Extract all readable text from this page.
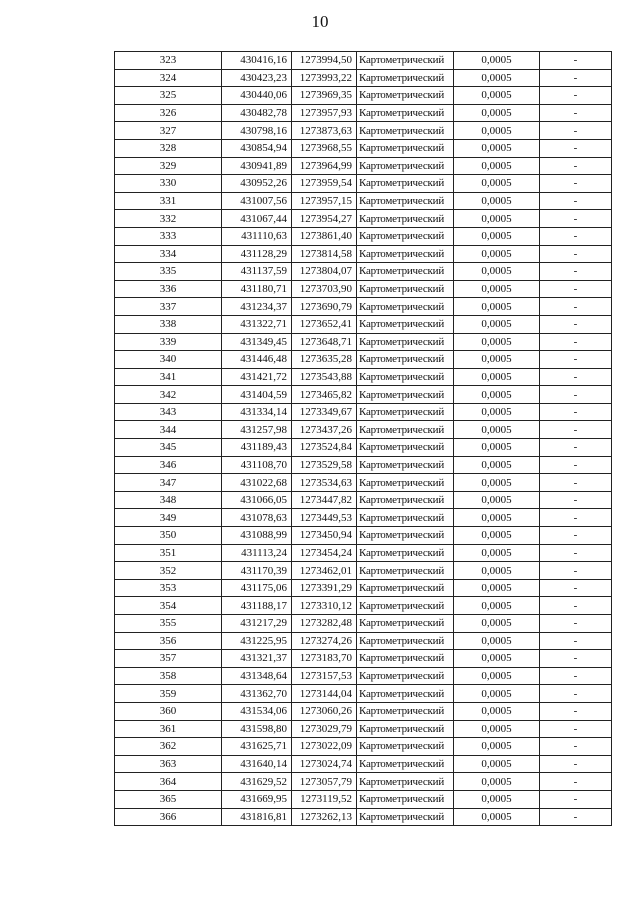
10
323	430416,16	1273994,50	Картометрический	0,0005	-
324	430423,23	1273993,22	Картометрический	0,0005	-
325	430440,06	1273969,35	Картометрический	0,0005	-
326	430482,78	1273957,93	Картометрический	0,0005	-
327	430798,16	1273873,63	Картометрический	0,0005	-
328	430854,94	1273968,55	Картометрический	0,0005	-
329	430941,89	1273964,99	Картометрический	0,0005	-
330	430952,26	1273959,54	Картометрический	0,0005	-
331	431007,56	1273957,15	Картометрический	0,0005	-
332	431067,44	1273954,27	Картометрический	0,0005	-
333	431110,63	1273861,40	Картометрический	0,0005	-
334	431128,29	1273814,58	Картометрический	0,0005	-
335	431137,59	1273804,07	Картометрический	0,0005	-
336	431180,71	1273703,90	Картометрический	0,0005	-
337	431234,37	1273690,79	Картометрический	0,0005	-
338	431322,71	1273652,41	Картометрический	0,0005	-
339	431349,45	1273648,71	Картометрический	0,0005	-
340	431446,48	1273635,28	Картометрический	0,0005	-
341	431421,72	1273543,88	Картометрический	0,0005	-
342	431404,59	1273465,82	Картометрический	0,0005	-
343	431334,14	1273349,67	Картометрический	0,0005	-
344	431257,98	1273437,26	Картометрический	0,0005	-
345	431189,43	1273524,84	Картометрический	0,0005	-
346	431108,70	1273529,58	Картометрический	0,0005	-
347	431022,68	1273534,63	Картометрический	0,0005	-
348	431066,05	1273447,82	Картометрический	0,0005	-
349	431078,63	1273449,53	Картометрический	0,0005	-
350	431088,99	1273450,94	Картометрический	0,0005	-
351	431113,24	1273454,24	Картометрический	0,0005	-
352	431170,39	1273462,01	Картометрический	0,0005	-
353	431175,06	1273391,29	Картометрический	0,0005	-
354	431188,17	1273310,12	Картометрический	0,0005	-
355	431217,29	1273282,48	Картометрический	0,0005	-
356	431225,95	1273274,26	Картометрический	0,0005	-
357	431321,37	1273183,70	Картометрический	0,0005	-
358	431348,64	1273157,53	Картометрический	0,0005	-
359	431362,70	1273144,04	Картометрический	0,0005	-
360	431534,06	1273060,26	Картометрический	0,0005	-
361	431598,80	1273029,79	Картометрический	0,0005	-
362	431625,71	1273022,09	Картометрический	0,0005	-
363	431640,14	1273024,74	Картометрический	0,0005	-
364	431629,52	1273057,79	Картометрический	0,0005	-
365	431669,95	1273119,52	Картометрический	0,0005	-
366	431816,81	1273262,13	Картометрический	0,0005	-
